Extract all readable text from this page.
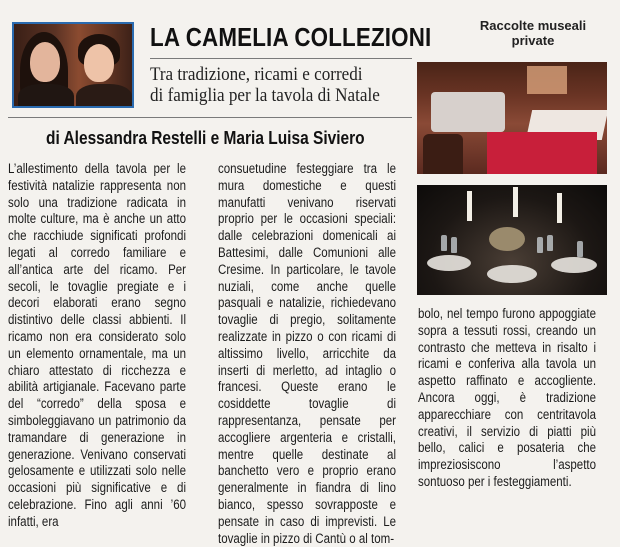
LA CAMELIA COLLEZIONI	Raccolte museali private
Tra tradizione, ricami e corredi
di famiglia per la tavola di Natale
di Alessandra Restelli e Maria Luisa Siviero
L’allestimento della tavola per le festività natalizie rappresenta non solo una tradizione radicata in molte culture, ma è anche un atto che racchiude significati profondi legati al corredo familiare e all’antica arte del ricamo. Per secoli, le tovaglie pregiate e i decori elaborati erano segno distintivo delle classi abbienti. Il ricamo non era considerato solo un elemento ornamentale, ma un chiaro attestato di ricchezza e abilità artigianale. Facevano parte del “corredo” della sposa e simboleggiavano un patrimonio da tramandare di generazione in generazione. Venivano conservati gelosamente e utilizzati solo nelle occasioni più significative e di celebrazione. Fino agli anni ’60 infatti, era
consuetudine festeggiare tra le mura domestiche e questi manufatti venivano riservati proprio per le occasioni speciali: dalle celebrazioni domenicali ai Battesimi, dalle Comunioni alle Cresime. In particolare, le tavole nuziali, come anche quelle pasquali e natalizie, richiedevano tovaglie di pregio, solitamente realizzate in pizzo o con ricami di altissimo livello, arricchite da inserti di merletto, ad intaglio o francesi. Queste erano le cosiddette tovaglie di rappresentanza, pensate per accogliere argenteria e cristalli, mentre quelle destinate al banchetto vero e proprio erano generalmente in fiandra di lino bianco, spesso sovrapposte e pensate in caso di imprevisti. Le tovaglie in pizzo di Cantù o al tom-
bolo, nel tempo furono appoggiate sopra a tessuti rossi, creando un contrasto che metteva in risalto i ricami e conferiva alla tavola un aspetto raffinato e accogliente. Ancora oggi, è tradizione apparecchiare con centritavola creativi, il servizio di piatti più bello, calici e posateria che impreziosiscono l’aspetto sontuoso per i festeggiamenti.
